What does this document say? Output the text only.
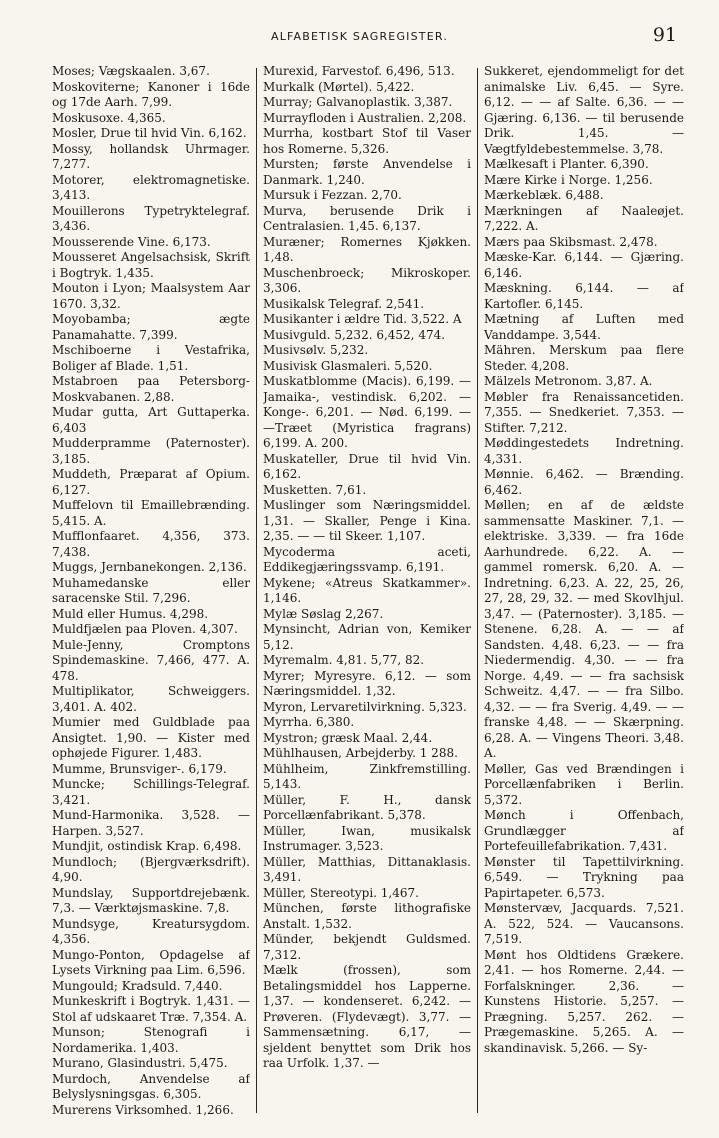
ALFABETISK SAGREGISTER.	91

Moses; Vægskaalen. 3,67.

Moskoviterne; Kanoner i 16de og 17de Aarh. 7,99.

Moskusoxe. 4,365.

Mosler, Drue til hvid Vin. 6,162.

Mossy, hollandsk Uhrmager. 7,277.

Motorer, elektromagnetiske. 3,413.

Mouillerons Typetryktelegraf. 3,436.

Mousserende Vine. 6,173.

Mousseret Angelsachsisk, Skrift i Bogtryk. 1,435.

Mouton i Lyon; Maalsystem Aar 1670. 3,32.

Moyobamba; ægte Panamahatte. 7,399.

Mschiboerne i Vestafrika, Boliger af Blade. 1,51.

Mstabroen paa Petersborg-Moskvabanen. 2,88.

Mudar gutta, Art Guttaperka. 6,403

Mudderpramme (Paternoster). 3,185.

Muddeth, Præparat af Opium. 6,127.

Muffelovn til Emaillebrænding. 5,415. A.

Mufflonfaaret. 4,356, 373. 7,438.

Muggs, Jernbanekongen. 2,136.

Muhamedanske eller saracenske Stil. 7,296.

Muld eller Humus. 4,298.

Muldfjælen paa Ploven. 4,307.

Mule-Jenny, Cromptons Spindemaskine. 7,466, 477. A. 478.

Multiplikator, Schweiggers. 3,401. A. 402.

Mumier med Guldblade paa Ansigtet. 1,90. — Kister med ophøjede Figurer. 1,483.

Mumme, Brunsviger-. 6,179.

Muncke; Schillings-Telegraf. 3,421.

Mund-Harmonika. 3,528. — Harpen. 3,527.

Mundjit, ostindisk Krap. 6,498.

Mundloch; (Bjergværksdrift). 4,90.

Mundslay, Supportdrejebænk. 7,3. — Værktøjsmaskine. 7,8.

Mundsyge, Kreatursygdom. 4,356.

Mungo-Ponton, Opdagelse af Lysets Virkning paa Lim. 6,596.

Mungould; Kradsuld. 7,440.

Munkeskrift i Bogtryk. 1,431. — Stol af udskaaret Træ. 7,354. A.

Munson; Stenografi i Nordamerika. 1,403.

Murano, Glasindustri. 5,475.

Murdoch, Anvendelse af Belyslysningsgas. 6,305.

Murerens Virksomhed. 1,266.

Murexid, Farvestof. 6,496, 513.

Murkalk (Mørtel). 5,422.

Murray; Galvanoplastik. 3,387.

Murrayfloden i Australien. 2,208.

Murrha, kostbart Stof til Vaser hos Romerne. 5,326.

Mursten; første Anvendelse i Danmark. 1,240.

Mursuk i Fezzan. 2,70.

Murva, berusende Drik i Centralasien. 1,45. 6,137.

Muræner; Romernes Kjøkken. 1,48.

Muschenbroeck; Mikroskoper. 3,306.

Musikalsk Telegraf. 2,541.

Musikanter i ældre Tid. 3,522. A

Musivguld. 5,232. 6,452, 474.

Musivsølv. 5,232.

Musivisk Glasmaleri. 5,520.

Muskatblomme (Macis). 6,199. — Jamaika-, vestindisk. 6,202. — Konge-. 6,201. — Nød. 6,199. — —Træet (Myristica fragrans) 6,199. A. 200.

Muskateller, Drue til hvid Vin. 6,162.

Musketten. 7,61.

Muslinger som Næringsmiddel. 1,31. — Skaller, Penge i Kina. 2,35. — — til Skeer. 1,107.

Mycoderma aceti, Eddikegjæringssvamp. 6,191.

Mykene; «Atreus Skatkammer». 1,146.

Mylæ Søslag 2,267.

Mynsincht, Adrian von, Kemiker 5,12.

Myremalm. 4,81. 5,77, 82.

Myrer; Myresyre. 6,12. — som Næringsmiddel. 1,32.

Myron, Lervaretilvirkning. 5,323.

Myrrha. 6,380.

Mystron; græsk Maal. 2,44.

Mühlhausen, Arbejderby. 1 288.

Mühlheim, Zinkfremstilling. 5,143.

Müller, F. H., dansk Porcellænfabrikant. 5,378.

Müller, Iwan, musikalsk Instrumager. 3,523.

Müller, Matthias, Dittanaklasis. 3,491.

Müller, Stereotypi. 1,467.

München, første lithografiske Anstalt. 1,532.

Münder, bekjendt Guldsmed. 7,312.

Mælk (frossen), som Betalingsmiddel hos Lapperne. 1,37. — kondenseret. 6,242. — Prøveren. (Flydevægt). 3,77. — Sammensætning. 6,17, — sjeldent benyttet som Drik hos raa Urfolk. 1,37. —

Sukkeret, ejendommeligt for det animalske Liv. 6,45. — Syre. 6,12. — — af Salte. 6,36. — — Gjæring. 6,136. — til berusende Drik. 1,45. — Vægtfyldebestemmelse. 3,78.

Mælkesaft i Planter. 6,390.

Mære Kirke i Norge. 1,256.

Mærkeblæk. 6,488.

Mærkningen af Naaleøjet. 7,222. A.

Mærs paa Skibsmast. 2,478.

Mæske-Kar. 6,144. — Gjæring. 6,146.

Mæskning. 6,144. — af Kartofler. 6,145.

Mætning af Luften med Vanddampe. 3,544.

Mähren. Merskum paa flere Steder. 4,208.

Mälzels Metronom. 3,87. A.

Møbler fra Renaissancetiden. 7,355. — Snedkeriet. 7,353. — Stifter. 7,212.

Møddingestedets Indretning. 4,331.

Mønnie. 6,462. — Brænding. 6,462.

Møllen; en af de ældste sammensatte Maskiner. 7,1. — elektriske. 3,339. — fra 16de Aarhundrede. 6,22. A. — gammel romersk. 6,20. A. — Indretning. 6,23. A. 22, 25, 26, 27, 28, 29, 32. — med Skovlhjul. 3,47. — (Paternoster). 3,185. — Stenene. 6,28. A. — — af Sandsten. 4,48. 6,23. — — fra Niedermendig. 4,30. — — fra Norge. 4,49. — — fra sachsisk Schweitz. 4,47. — — fra Silbo. 4,32. — — fra Sverig. 4,49. — — franske 4,48. — — Skærpning. 6,28. A. — Vingens Theori. 3,48. A.

Møller, Gas ved Brændingen i Porcellænfabriken i Berlin. 5,372.

Mønch i Offenbach, Grundlægger af Portefeuillefabrikation. 7,431.

Mønster til Tapettilvirkning. 6,549. — Trykning paa Papirtapeter. 6,573.

Mønstervæv, Jacquards. 7,521. A. 522, 524. — Vaucansons. 7,519.

Mønt hos Oldtidens Grækere. 2,41. — hos Romerne. 2,44. — Forfalskninger. 2,36. — Kunstens Historie. 5,257. — Prægning. 5,257. 262. — Prægemaskine. 5,265. A. — skandinavisk. 5,266. — Sy-
